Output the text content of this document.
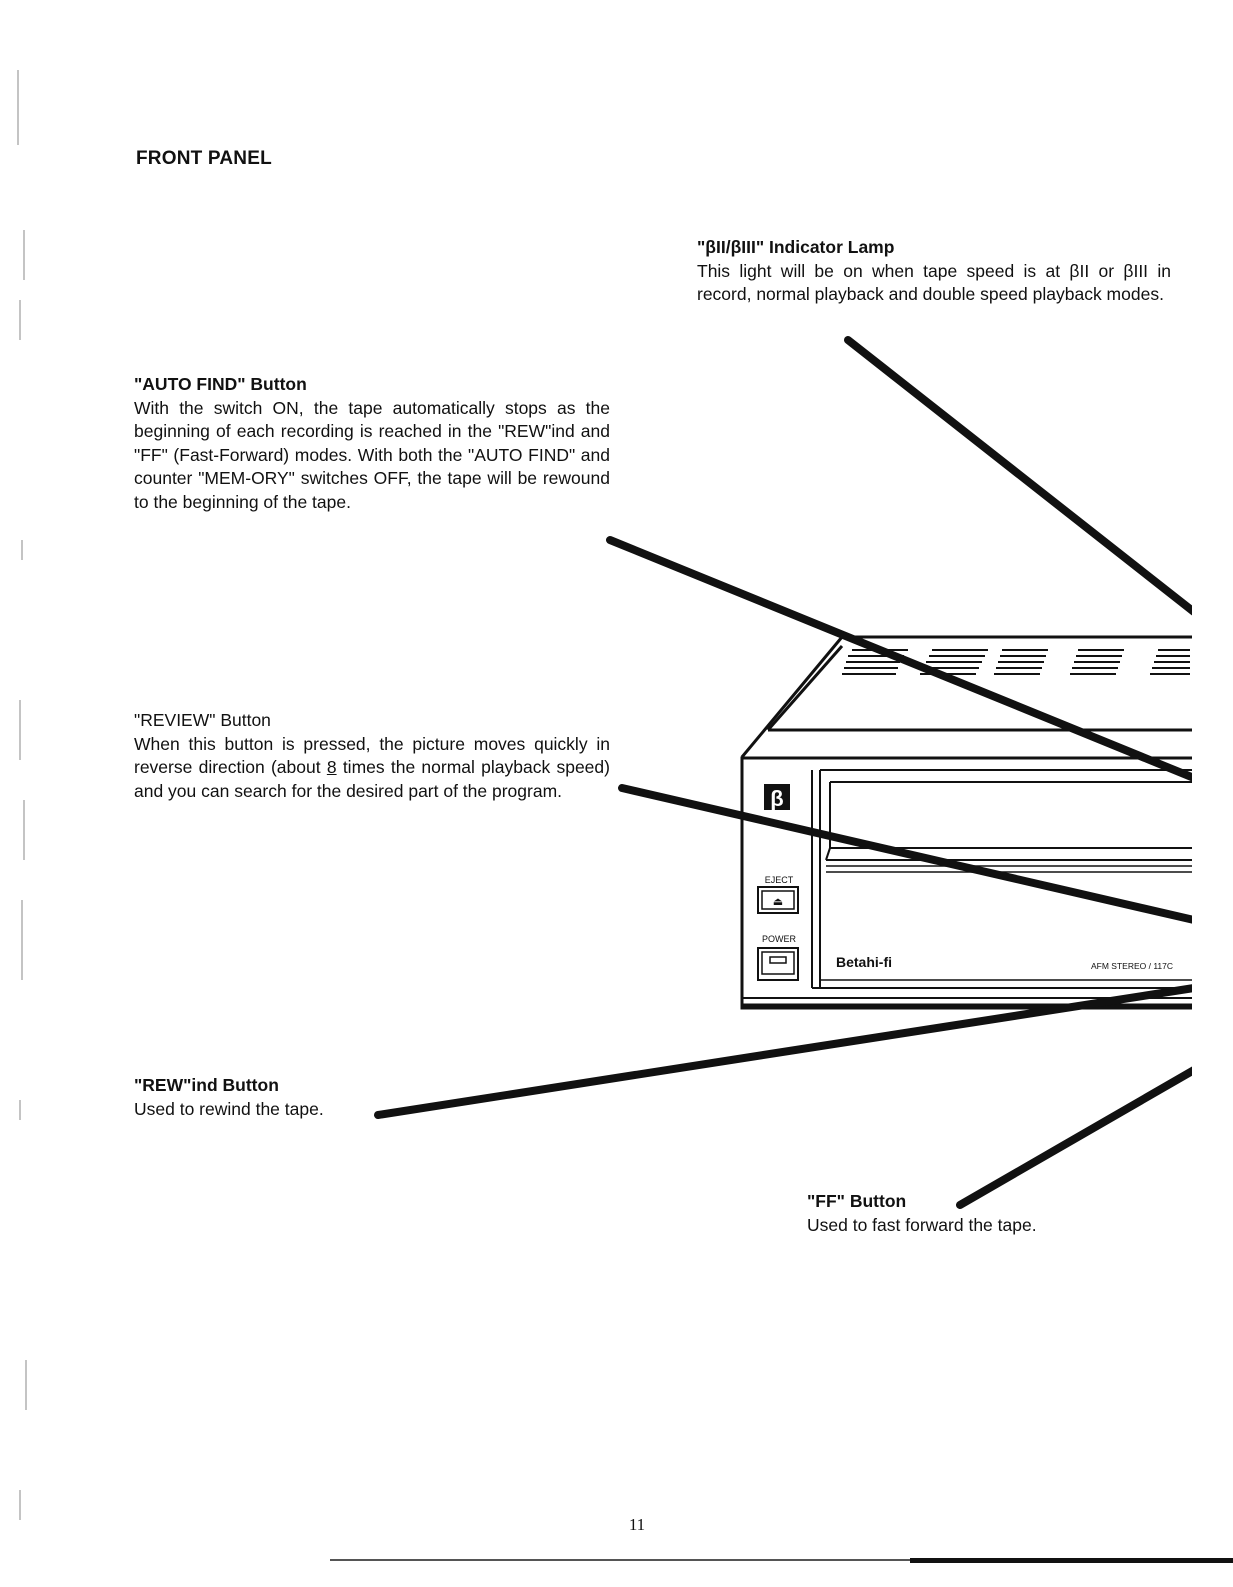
FRONT PANEL
"βII/βIII" Indicator Lamp
This light will be on when tape speed is at βII or βIII in record, normal playback and double speed playback modes.
"AUTO FIND" Button
With the switch ON, the tape automatically stops as the beginning of each recording is reached in the "REW"ind and "FF" (Fast-Forward) modes. With both the "AUTO FIND" and counter "MEM-ORY" switches OFF, the tape will be rewound to the beginning of the tape.
"REVIEW" Button
When this button is pressed, the picture moves quickly in reverse direction (about 8 times the normal playback speed) and you can search for the desired part of the program.
"REW"ind Button
Used to rewind the tape.
"FF" Button
Used to fast forward the tape.
β
EJECT
⏏
POWER
Betahi-fi	AFM STEREO / 117C
11
